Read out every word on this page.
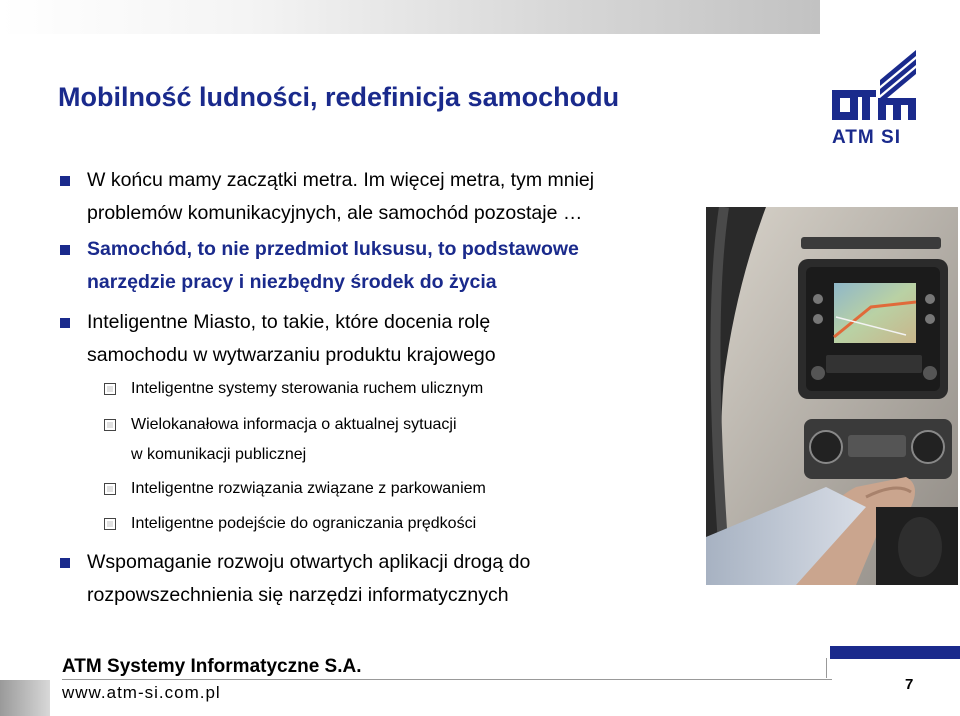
Mobilność ludności, redefinicja samochodu
ATM SI
W końcu mamy zaczątki metra. Im więcej metra, tym mniej
problemów komunikacyjnych, ale samochód pozostaje …
Samochód, to nie przedmiot luksusu, to podstawowe
narzędzie pracy i niezbędny środek do życia
Inteligentne Miasto, to takie, które docenia rolę
samochodu w wytwarzaniu produktu krajowego
Inteligentne systemy sterowania ruchem ulicznym
Wielokanałowa informacja o aktualnej sytuacji
w komunikacji publicznej
Inteligentne rozwiązania związane z parkowaniem
Inteligentne podejście do ograniczania prędkości
Wspomaganie rozwoju otwartych aplikacji drogą do
rozpowszechnienia się narzędzi informatycznych
ATM Systemy Informatyczne S.A.
www.atm-si.com.pl	7
